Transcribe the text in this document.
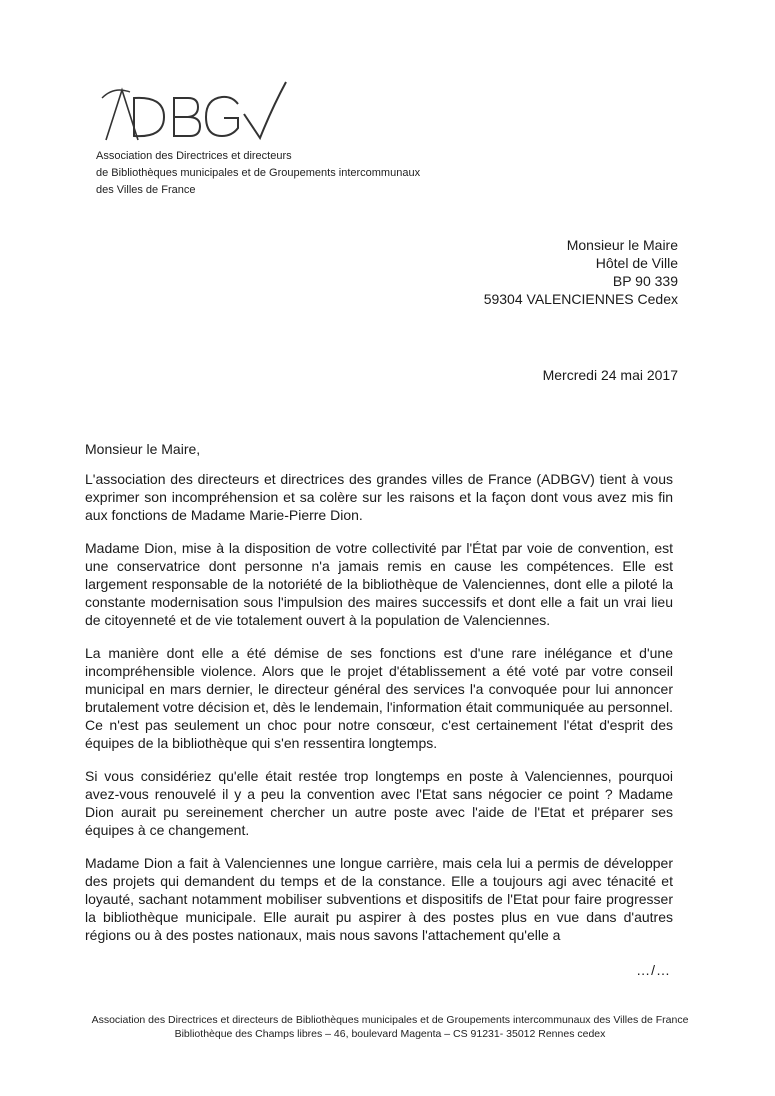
Association des Directrices et directeurs
de Bibliothèques municipales et de Groupements intercommunaux
des Villes de France
Monsieur le Maire
Hôtel de Ville
BP 90 339
59304 VALENCIENNES Cedex
Mercredi 24 mai 2017

Monsieur le Maire,

L'association des directeurs et directrices des grandes villes de France (ADBGV) tient à vous exprimer son incompréhension et sa colère sur les raisons et la façon dont vous avez mis fin aux fonctions de Madame Marie-Pierre Dion.

Madame Dion, mise à la disposition de votre collectivité par l'État par voie de convention, est une conservatrice dont personne n'a jamais remis en cause les compétences. Elle est largement responsable de la notoriété de la bibliothèque de Valenciennes, dont elle a piloté la constante modernisation sous l'impulsion des maires successifs et dont elle a fait un vrai lieu de citoyenneté et de vie totalement ouvert à la population de Valenciennes.

La manière dont elle a été démise de ses fonctions est d'une rare inélégance et d'une incompréhensible violence. Alors que le projet d'établissement a été voté par votre conseil municipal en mars dernier, le directeur général des services l'a convoquée pour lui annoncer brutalement votre décision et, dès le lendemain, l'information était communiquée au personnel. Ce n'est pas seulement un choc pour notre consœur, c'est certainement l'état d'esprit des équipes de la bibliothèque qui s'en ressentira longtemps.

Si vous considériez qu'elle était restée trop longtemps en poste à Valenciennes, pourquoi avez-vous renouvelé il y a peu la convention avec l'Etat sans négocier ce point ? Madame Dion aurait pu sereinement chercher un autre poste avec l'aide de l'Etat et préparer ses équipes à ce changement.

Madame Dion a fait à Valenciennes une longue carrière, mais cela lui a permis de développer des projets qui demandent du temps et de la constance. Elle a toujours agi avec ténacité et loyauté, sachant notamment mobiliser subventions et dispositifs de l'Etat pour faire progresser la bibliothèque municipale. Elle aurait pu aspirer à des postes plus en vue dans d'autres régions ou à des postes nationaux, mais nous savons l'attachement qu'elle a

…/…
Association des Directrices et directeurs de Bibliothèques municipales et de Groupements intercommunaux des Villes de France
Bibliothèque des Champs libres – 46, boulevard Magenta – CS 91231- 35012 Rennes cedex
